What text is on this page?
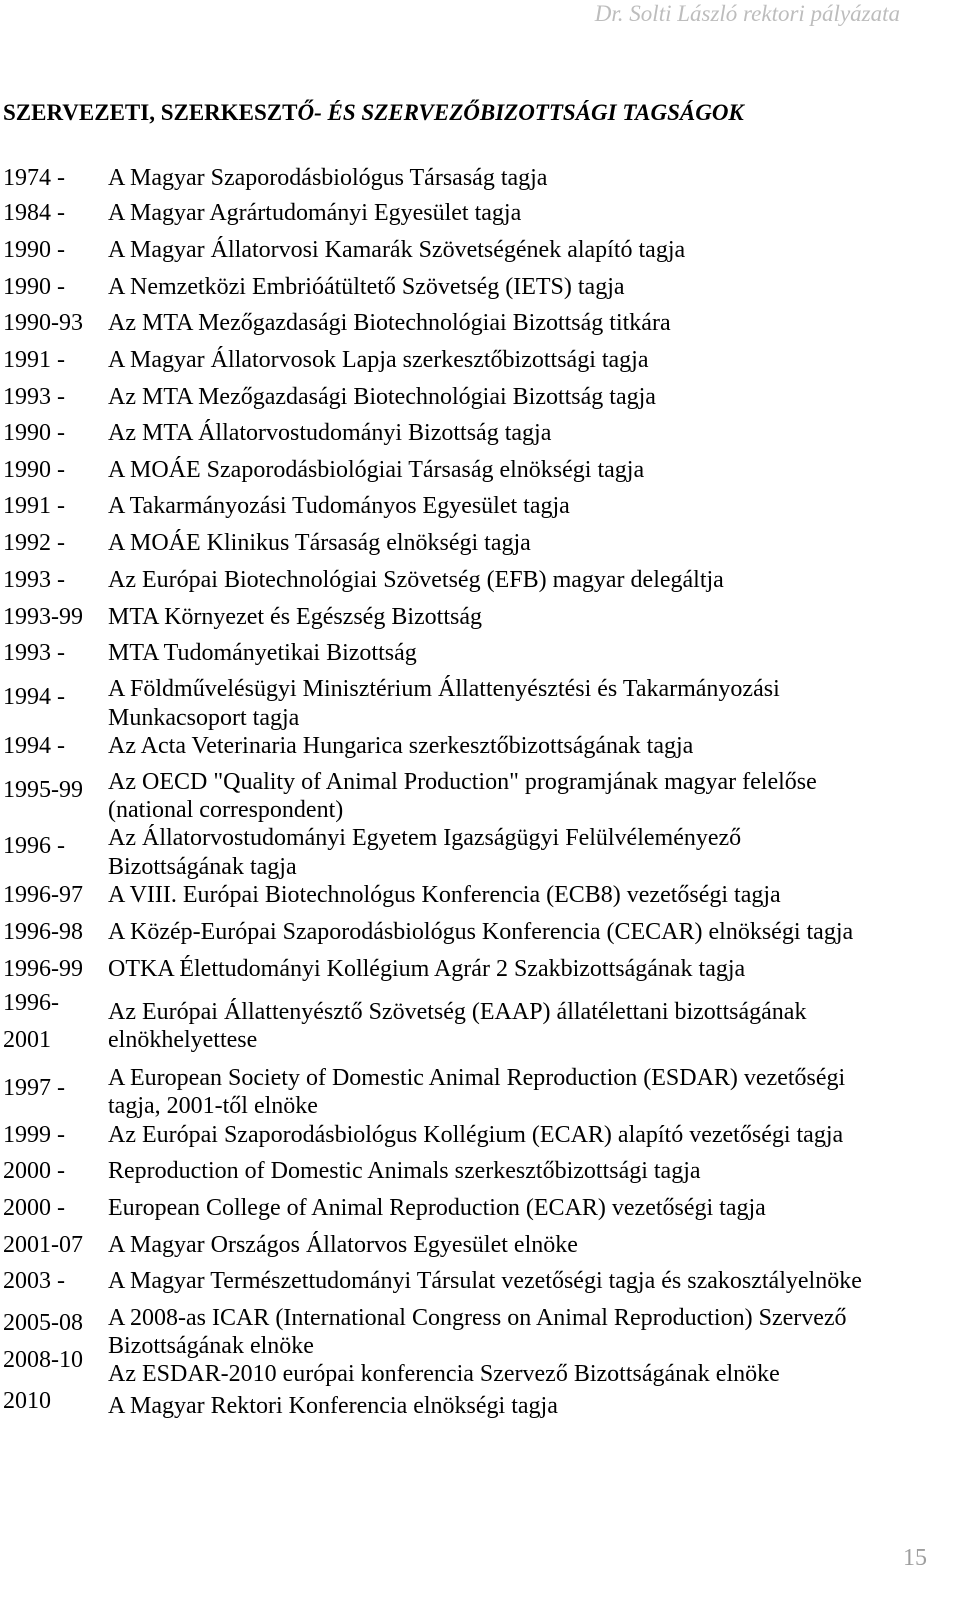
Dr. Solti László rektori pályázata
SZERVEZETI, SZERKESZTŐ- ÉS SZERVEZŐBIZOTTSÁGI TAGSÁGOK
1974 - A Magyar Szaporodásbiológus Társaság tagja
1984 - A Magyar Agrártudományi Egyesület tagja
1990 - A Magyar Állatorvosi Kamarák Szövetségének alapító tagja
1990 - A Nemzetközi Embrióátültető Szövetség (IETS) tagja
1990-93 Az MTA Mezőgazdasági Biotechnológiai Bizottság titkára
1991 - A Magyar Állatorvosok Lapja szerkesztőbizottsági tagja
1993 - Az MTA Mezőgazdasági Biotechnológiai Bizottság tagja
1990 - Az MTA Állatorvostudományi Bizottság tagja
1990 - A MOÁE Szaporodásbiológiai Társaság elnökségi tagja
1991 - A Takarmányozási Tudományos Egyesület tagja
1992 - A MOÁE Klinikus Társaság elnökségi tagja
1993 - Az Európai Biotechnológiai Szövetség (EFB) magyar delegáltja
1993-99 MTA Környezet és Egészség Bizottság
1993 - MTA Tudományetikai Bizottság
1994 - A Földművelésügyi Minisztérium Állattenyésztési és Takarmányozási
Munkacsoport tagja
1994 - Az Acta Veterinaria Hungarica szerkesztőbizottságának tagja
1995-99 Az OECD "Quality of Animal Production" programjának magyar felelőse
(national correspondent)
1996 - Az Állatorvostudományi Egyetem Igazságügyi Felülvéleményező
Bizottságának tagja
1996-97 A VIII. Európai Biotechnológus Konferencia (ECB8) vezetőségi tagja
1996-98 A Közép-Európai Szaporodásbiológus Konferencia (CECAR) elnökségi tagja
1996-99 OTKA Élettudományi Kollégium Agrár 2 Szakbizottságának tagja
1996-
2001
Az Európai Állattenyésztő Szövetség (EAAP) állatélettani bizottságának
elnökhelyettese
1997 - A European Society of Domestic Animal Reproduction (ESDAR) vezetőségi
tagja, 2001-től elnöke
1999 - Az Európai Szaporodásbiológus Kollégium (ECAR) alapító vezetőségi tagja
2000 - Reproduction of Domestic Animals szerkesztőbizottsági tagja
2000 - European College of Animal Reproduction (ECAR) vezetőségi tagja
2001-07 A Magyar Országos Állatorvos Egyesület elnöke
2003 - A Magyar Természettudományi Társulat vezetőségi tagja és szakosztályelnöke
2005-08 A 2008-as ICAR (International Congress on Animal Reproduction) Szervező
Bizottságának elnöke
2008-10
Az ESDAR-2010 európai konferencia Szervező Bizottságának elnöke
2010 A Magyar Rektori Konferencia elnökségi tagja
15
